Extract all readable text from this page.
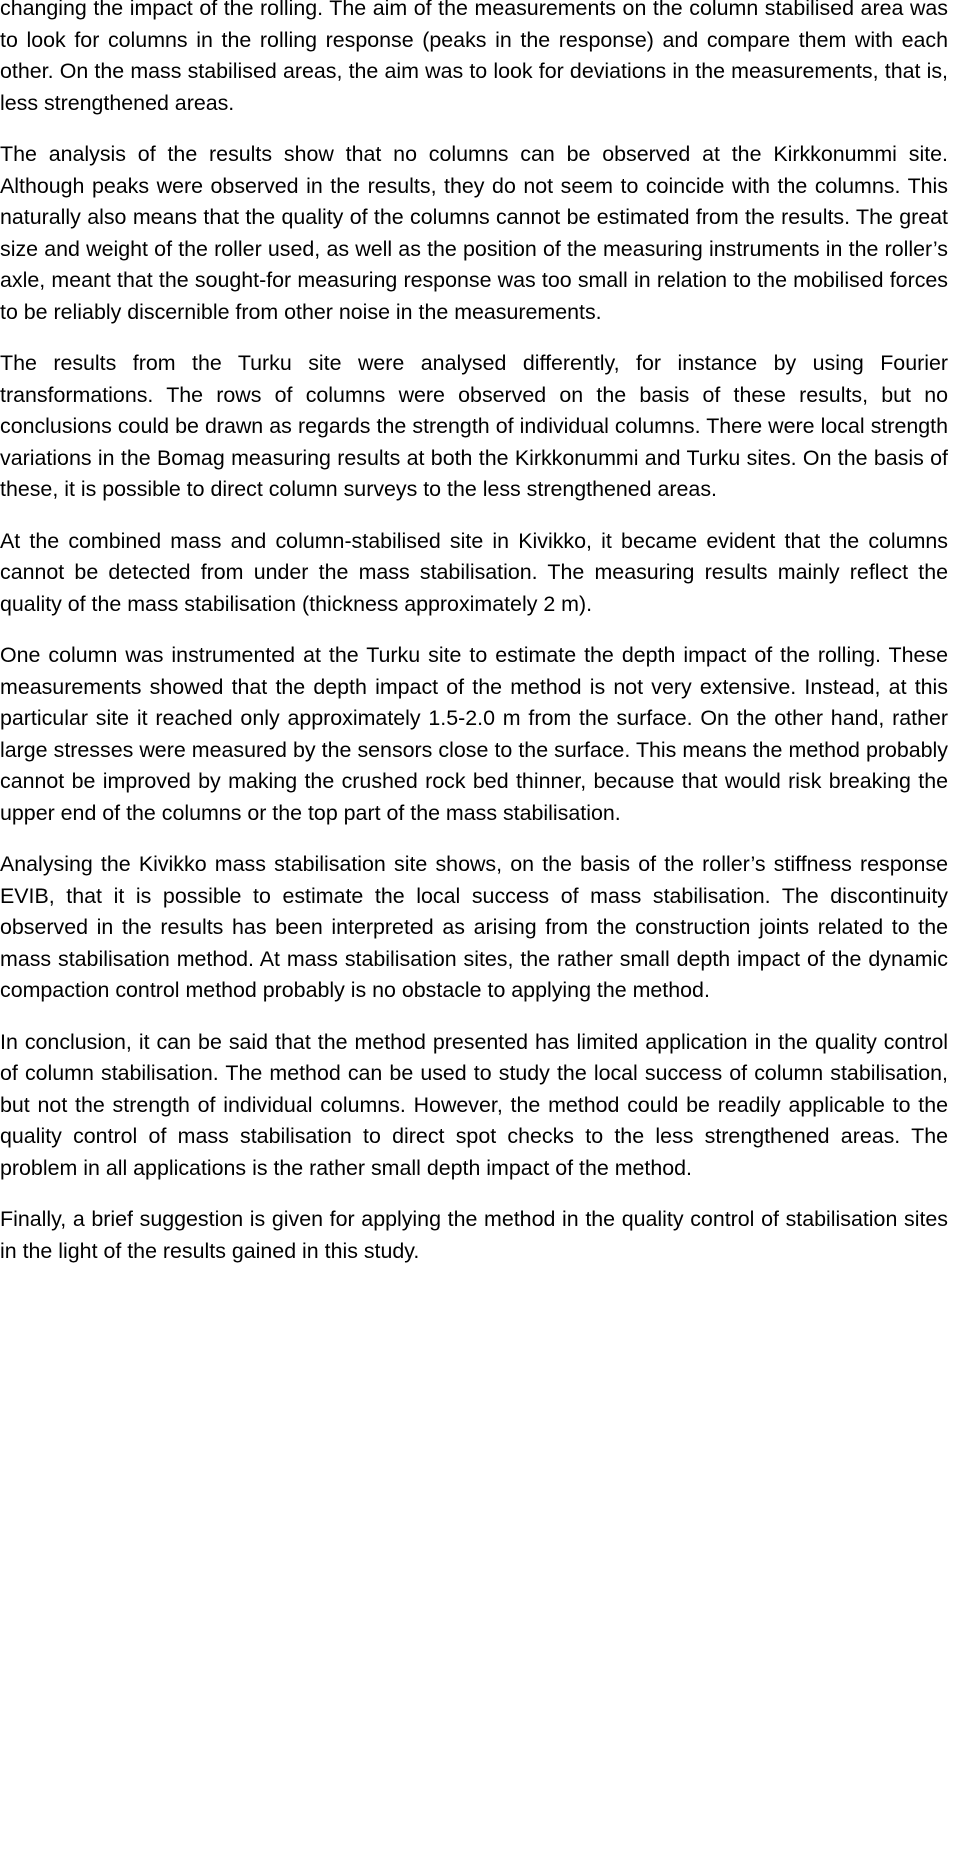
changing the impact of the rolling. The aim of the measurements on the column stabilised area was to look for columns in the rolling response (peaks in the response) and compare them with each other. On the mass stabilised areas, the aim was to look for deviations in the measurements, that is, less strengthened areas.

The analysis of the results show that no columns can be observed at the Kirkkonummi site. Although peaks were observed in the results, they do not seem to coincide with the columns. This naturally also means that the quality of the columns cannot be estimated from the results. The great size and weight of the roller used, as well as the position of the measuring instruments in the roller’s axle, meant that the sought-for measuring response was too small in relation to the mobilised forces to be reliably discernible from other noise in the measurements.

The results from the Turku site were analysed differently, for instance by using Fourier transformations. The rows of columns were observed on the basis of these results, but no conclusions could be drawn as regards the strength of individual columns. There were local strength variations in the Bomag measuring results at both the Kirkkonummi and Turku sites. On the basis of these, it is possible to direct column surveys to the less strengthened areas.

At the combined mass and column-stabilised site in Kivikko, it became evident that the columns cannot be detected from under the mass stabilisation. The measuring results mainly reflect the quality of the mass stabilisation (thickness approximately 2 m).

One column was instrumented at the Turku site to estimate the depth impact of the rolling. These measurements showed that the depth impact of the method is not very extensive. Instead, at this particular site it reached only approximately 1.5-2.0 m from the surface. On the other hand, rather large stresses were measured by the sensors close to the surface. This means the method probably cannot be improved by making the crushed rock bed thinner, because that would risk breaking the upper end of the columns or the top part of the mass stabilisation.

Analysing the Kivikko mass stabilisation site shows, on the basis of the roller’s stiffness response EVIB, that it is possible to estimate the local success of mass stabilisation. The discontinuity observed in the results has been interpreted as arising from the construction joints related to the mass stabilisation method. At mass stabilisation sites, the rather small depth impact of the dynamic compaction control method probably is no obstacle to applying the method.

In conclusion, it can be said that the method presented has limited application in the quality control of column stabilisation. The method can be used to study the local success of column stabilisation, but not the strength of individual columns. However, the method could be readily applicable to the quality control of mass stabilisation to direct spot checks to the less strengthened areas. The problem in all applications is the rather small depth impact of the method.

Finally, a brief suggestion is given for applying the method in the quality control of stabilisation sites in the light of the results gained in this study.
